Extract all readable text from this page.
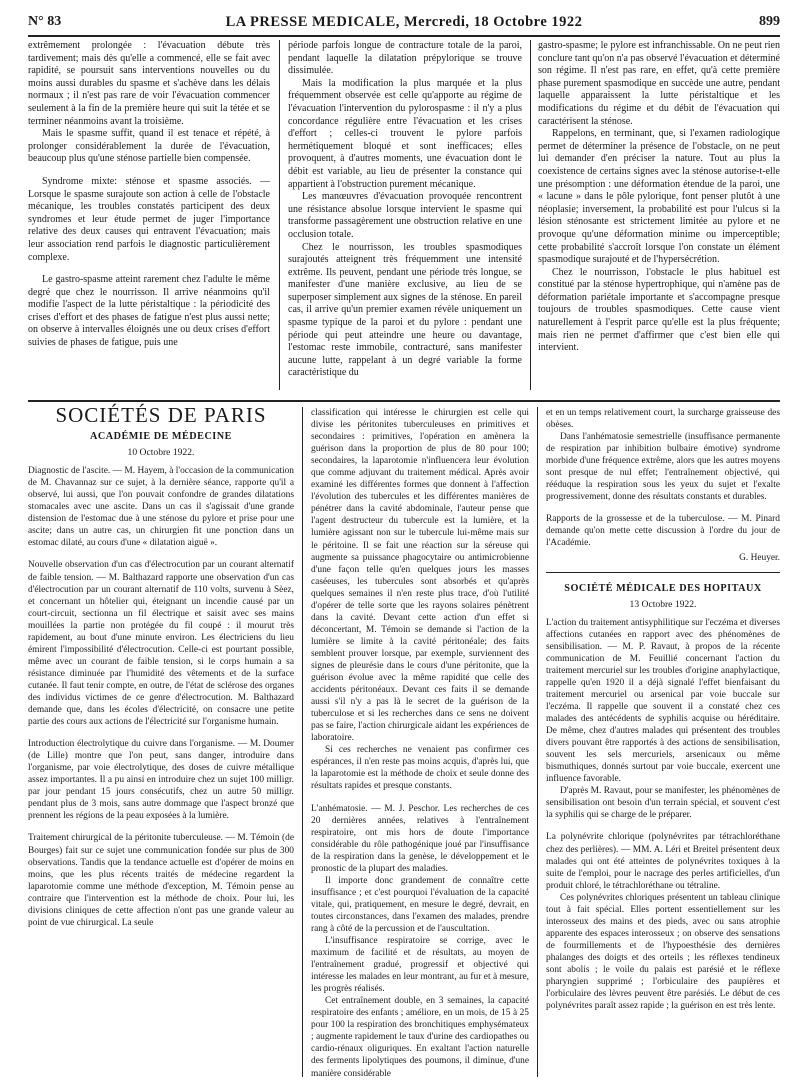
N° 83	LA PRESSE MEDICALE, Mercredi, 18 Octobre 1922	899

extrêmement prolongée : l'évacuation débute très tardivement; mais dès qu'elle a commencé, elle se fait avec rapidité, se poursuit sans interventions nouvelles ou du moins aussi durables du spasme et s'achève dans les délais normaux ; il n'est pas rare de voir l'évacuation commencer seulement à la fin de la première heure qui suit la tétée et se terminer néanmoins avant la troisième.

Mais le spasme suffit, quand il est tenace et répété, à prolonger considérablement la durée de l'évacuation, beaucoup plus qu'une sténose partielle bien compensée.

Syndrome mixte: sténose et spasme associés. — Lorsque le spasme surajoute son action à celle de l'obstacle mécanique, les troubles constatés participent des deux syndromes et leur étude permet de juger l'importance relative des deux causes qui entravent l'évacuation; mais leur association rend parfois le diagnostic particulièrement complexe.

Le gastro-spasme atteint rarement chez l'adulte le même degré que chez le nourrisson. Il arrive néanmoins qu'il modifie l'aspect de la lutte péristaltique : la périodicité des crises d'effort et des phases de fatigue n'est plus aussi nette; on observe à intervalles éloignés une ou deux crises d'effort suivies de phases de fatigue, puis une

période parfois longue de contracture totale de la paroi, pendant laquelle la dilatation prépylorique se trouve dissimulée.

Mais la modification la plus marquée et la plus fréquemment observée est celle qu'apporte au régime de l'évacuation l'intervention du pylorospasme : il n'y a plus concordance régulière entre l'évacuation et les crises d'effort ; celles-ci trouvent le pylore parfois hermétiquement bloqué et sont inefficaces; elles provoquent, à d'autres moments, une évacuation dont le débit est variable, au lieu de présenter la constance qui appartient à l'obstruction purement mécanique.

Les manœuvres d'évacuation provoquée rencontrent une résistance absolue lorsque intervient le spasme qui transforme passagèrement une obstruction relative en une occlusion totale.

Chez le nourrisson, les troubles spasmodiques surajoutés atteignent très fréquemment une intensité extrême. Ils peuvent, pendant une période très longue, se manifester d'une manière exclusive, au lieu de se superposer simplement aux signes de la sténose. En pareil cas, il arrive qu'un premier examen révèle uniquement un spasme typique de la paroi et du pylore : pendant une période qui peut atteindre une heure ou davantage, l'estomac reste immobile, contracturé, sans manifester aucune lutte, rappelant à un degré variable la forme caractéristique du

gastro-spasme; le pylore est infranchissable. On ne peut rien conclure tant qu'on n'a pas observé l'évacuation et déterminé son régime. Il n'est pas rare, en effet, qu'à cette première phase purement spasmodique en succède une autre, pendant laquelle apparaissent la lutte péristaltique et les modifications du régime et du débit de l'évacuation qui caractérisent la sténose.

Rappelons, en terminant, que, si l'examen radiologique permet de déterminer la présence de l'obstacle, on ne peut lui demander d'en préciser la nature. Tout au plus la coexistence de certains signes avec la sténose autorise-t-elle une présomption : une déformation étendue de la paroi, une « lacune » dans le pôle pylorique, font penser plutôt à une néoplasie; inversement, la probabilité est pour l'ulcus si la lésion sténosante est strictement limitée au pylore et ne provoque qu'une déformation minime ou imperceptible; cette probabilité s'accroît lorsque l'on constate un élément spasmodique surajouté et de l'hypersécrétion.

Chez le nourrisson, l'obstacle le plus habituel est constitué par la sténose hypertrophique, qui n'amène pas de déformation pariétale importante et s'accompagne presque toujours de troubles spasmodiques. Cette cause vient naturellement à l'esprit parce qu'elle est la plus fréquente; mais rien ne permet d'affirmer que c'est bien elle qui intervient.

SOCIÉTÉS DE PARIS
ACADÉMIE DE MÉDECINE
10 Octobre 1922.

Diagnostic de l'ascite. — M. Hayem, à l'occasion de la communication de M. Chavannaz sur ce sujet, à la dernière séance, rapporte qu'il a observé, lui aussi, que l'on pouvait confondre de grandes dilatations stomacales avec une ascite. Dans un cas il s'agissait d'une grande distension de l'estomac due à une sténose du pylore et prise pour une ascite; dans un autre cas, un chirurgien fit une ponction dans un estomac dilaté, au cours d'une « dilatation aiguë ».

Nouvelle observation d'un cas d'électrocution par un courant alternatif de faible tension. — M. Balthazard rapporte une observation d'un cas d'électrocution par un courant alternatif de 110 volts, survenu à Sèez, et concernant un hôtelier qui, éteignant un incendie causé par un court-circuit, sectionna un fil électrique et saisit avec ses mains mouillées la partie non protégée du fil coupé : il mourut très rapidement, au bout d'une minute environ. Les électriciens du lieu émirent l'impossibilité d'électrocution. Celle-ci est pourtant possible, même avec un courant de faible tension, si le corps humain a sa résistance diminuée par l'humidité des vêtements et de la surface cutanée. Il faut tenir compte, en outre, de l'état de sclérose des organes des individus victimes de ce genre d'électrocution. M. Balthazard demande que, dans les écoles d'électricité, on consacre une petite partie des cours aux actions de l'électricité sur l'organisme humain.

Introduction électrolytique du cuivre dans l'organisme. — M. Doumer (de Lille) montre que l'on peut, sans danger, introduire dans l'organisme, par voie électrolytique, des doses de cuivre métallique assez importantes. Il a pu ainsi en introduire chez un sujet 100 milligr. par jour pendant 15 jours consécutifs, chez un autre 50 milligr. pendant plus de 3 mois, sans autre dommage que l'aspect bronzé que prennent les régions de la peau exposées à la lumière.

Traitement chirurgical de la péritonite tuberculeuse. — M. Témoin (de Bourges) fait sur ce sujet une communication fondée sur plus de 300 observations. Tandis que la tendance actuelle est d'opérer de moins en moins, que les plus récents traités de médecine regardent la laparotomie comme une méthode d'exception, M. Témoin pense au contraire que l'intervention est la méthode de choix. Pour lui, les divisions cliniques de cette affection n'ont pas une grande valeur au point de vue chirurgical. La seule

classification qui intéresse le chirurgien est celle qui divise les péritonites tuberculeuses en primitives et secondaires : primitives, l'opération en amènera la guérison dans la proportion de plus de 80 pour 100; secondaires, la laparotomie n'influencera leur évolution que comme adjuvant du traitement médical. Après avoir examiné les différentes formes que donnent à l'affection l'évolution des tubercules et les différentes manières de pénétrer dans la cavité abdominale, l'auteur pense que l'agent destructeur du tubercule est la lumière, et la lumière agissant non sur le tubercule lui-même mais sur le péritoine. Il se fait une réaction sur la séreuse qui augmente sa puissance phagocytaire ou antimicrobienne d'une façon telle qu'en quelques jours les masses caséeuses, les tubercules sont absorbés et qu'après quelques semaines il n'en reste plus trace, d'où l'utilité d'opérer de telle sorte que les rayons solaires pénètrent dans la cavité. Devant cette action d'un effet si déconcertant, M. Témoin se demande si l'action de la lumière se limite à la cavité péritonéale; des faits semblent prouver lorsque, par exemple, surviennent des signes de pleurésie dans le cours d'une péritonite, que la guérison évolue avec la même rapidité que celle des accidents péritonéaux. Devant ces faits il se demande aussi s'il n'y a pas là le secret de la guérison de la tuberculose et si les recherches dans ce sens ne doivent pas se faire, l'action chirurgicale aidant les expériences de laboratoire.

Si ces recherches ne venaient pas confirmer ces espérances, il n'en reste pas moins acquis, d'après lui, que la laparotomie est la méthode de choix et seule donne des résultats rapides et presque constants.

L'anhématosie. — M. J. Peschor. Les recherches de ces 20 dernières années, relatives à l'entraînement respiratoire, ont mis hors de doute l'importance considérable du rôle pathogénique joué par l'insuffisance de la respiration dans la genèse, le développement et le pronostic de la plupart des maladies.

Il importe donc grandement de connaître cette insuffisance ; et c'est pourquoi l'évaluation de la capacité vitale, qui, pratiquement, en mesure le degré, devrait, en toutes circonstances, dans l'examen des malades, prendre rang à côté de la percussion et de l'auscultation.

L'insuffisance respiratoire se corrige, avec le maximum de facilité et de résultats, au moyen de l'entraînement gradué, progressif et objectivé qui intéresse les malades en leur montrant, au fur et à mesure, les progrès réalisés.

Cet entraînement double, en 3 semaines, la capacité respiratoire des enfants ; améliore, en un mois, de 15 à 25 pour 100 la respiration des bronchitiques emphysémateux ; augmente rapidement le taux d'urine des cardiopathes ou cardio-rénaux oliguriques. En exaltant l'action naturelle des ferments lipolytiques des poumons, il diminue, d'une manière considérable

et en un temps relativement court, la surcharge graisseuse des obèses.

Dans l'anhématosie semestrielle (insuffisance permanente de respiration par inhibition bulbaire émotive) syndrome morbide d'une fréquence extrême, alors que les autres moyens sont presque de nul effet; l'entraînement objectivé, qui rééduque la respiration sous les yeux du sujet et l'exalte progressivement, donne des résultats constants et durables.

Rapports de la grossesse et de la tuberculose. — M. Pinard demande qu'on mette cette discussion à l'ordre du jour de l'Académie.

G. Heuyer.
SOCIÉTÉ MÉDICALE DES HOPITAUX
13 Octobre 1922.

L'action du traitement antisyphilitique sur l'eczéma et diverses affections cutanées en rapport avec des phénomènes de sensibilisation. — M. P. Ravaut, à propos de la récente communication de M. Feuillié concernant l'action du traitement mercuriel sur les troubles d'origine anaphylactique, rappelle qu'en 1920 il a déjà signalé l'effet bienfaisant du traitement mercuriel ou arsenical par voie buccale sur l'eczéma. Il rappelle que souvent il a constaté chez ces malades des antécédents de syphilis acquise ou héréditaire. De même, chez d'autres malades qui présentent des troubles divers pouvant être rapportés à des actions de sensibilisation, souvent les sels mercuriels, arsenicaux ou même bismuthiques, donnés surtout par voie buccale, exercent une influence favorable.

D'après M. Ravaut, pour se manifester, les phénomènes de sensibilisation ont besoin d'un terrain spécial, et souvent c'est la syphilis qui se charge de le préparer.

La polynévrite chlorique (polynévrites par tétrachloréthane chez des perlières). — MM. A. Léri et Breitel présentent deux malades qui ont été atteintes de polynévrites toxiques à la suite de l'emploi, pour le nacrage des perles artificielles, d'un produit chloré, le tétrachloréthane ou tétraline.

Ces polynévrites chloriques présentent un tableau clinique tout à fait spécial. Elles portent essentiellement sur les interosseux des mains et des pieds, avec ou sans atrophie apparente des espaces interosseux ; on observe des sensations de fourmillements et de l'hypoesthésie des dernières phalanges des doigts et des orteils ; les réflexes tendineux sont abolis ; le voile du palais est parésié et le réflexe pharyngien supprimé ; l'orbiculaire des paupières et l'orbiculaire des lèvres peuvent être parésiés. Le début de ces polynévrites paraît assez rapide ; la guérison en est très lente.
